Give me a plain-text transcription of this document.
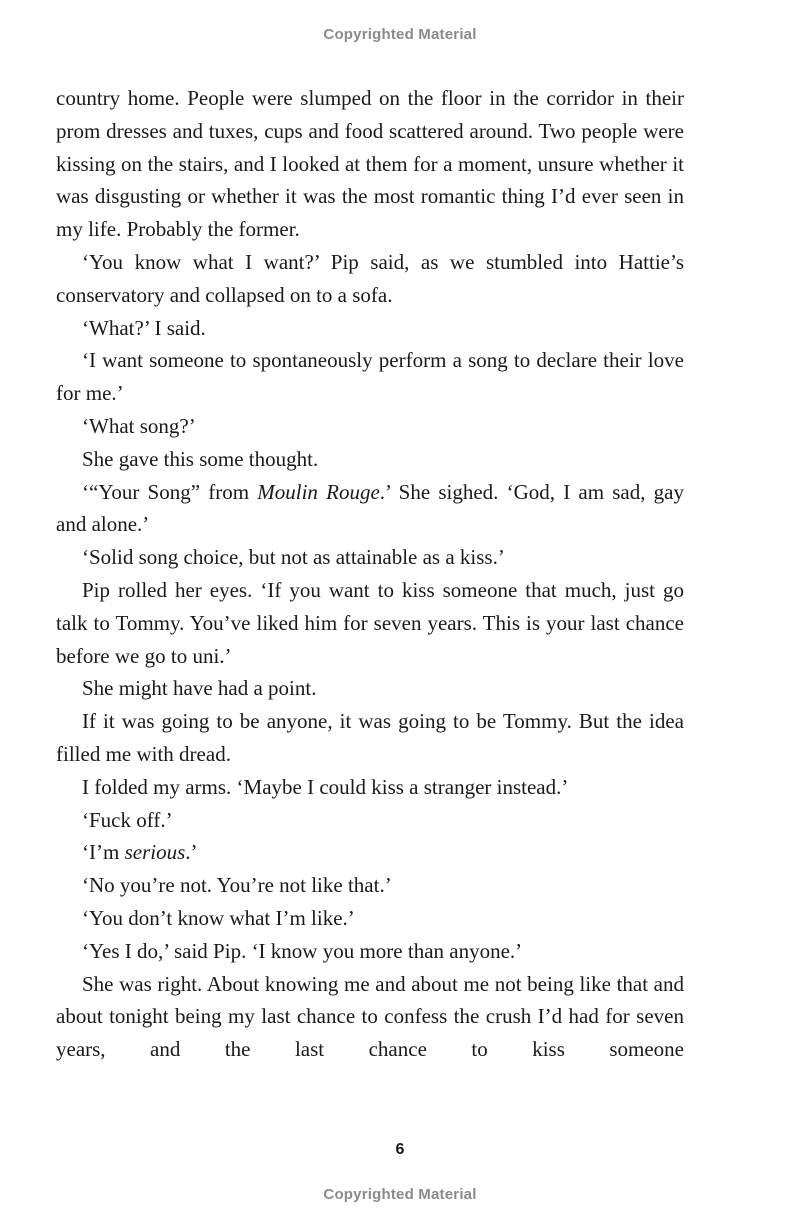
Copyrighted Material

country home. People were slumped on the floor in the corridor in their prom dresses and tuxes, cups and food scattered around. Two people were kissing on the stairs, and I looked at them for a moment, unsure whether it was disgusting or whether it was the most romantic thing I’d ever seen in my life. Probably the former.

‘You know what I want?’ Pip said, as we stumbled into Hattie’s conservatory and collapsed on to a sofa.

‘What?’ I said.

‘I want someone to spontaneously perform a song to declare their love for me.’

‘What song?’

She gave this some thought.

‘“Your Song” from Moulin Rouge.’ She sighed. ‘God, I am sad, gay and alone.’

‘Solid song choice, but not as attainable as a kiss.’

Pip rolled her eyes. ‘If you want to kiss someone that much, just go talk to Tommy. You’ve liked him for seven years. This is your last chance before we go to uni.’

She might have had a point.

If it was going to be anyone, it was going to be Tommy. But the idea filled me with dread.

I folded my arms. ‘Maybe I could kiss a stranger instead.’

‘Fuck off.’

‘I’m serious.’

‘No you’re not. You’re not like that.’

‘You don’t know what I’m like.’

‘Yes I do,’ said Pip. ‘I know you more than anyone.’

She was right. About knowing me and about me not being like that and about tonight being my last chance to confess the crush I’d had for seven years, and the last chance to kiss someone

6
Copyrighted Material
